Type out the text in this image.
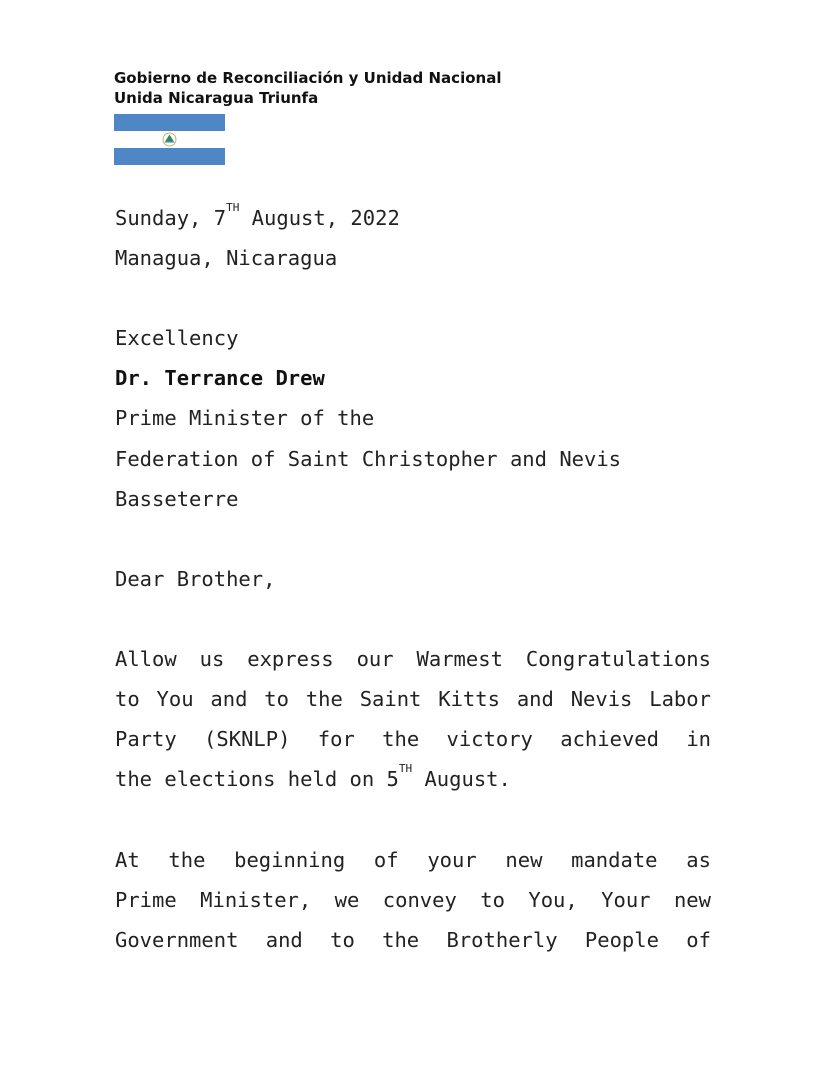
Gobierno de Reconciliación y Unidad Nacional
Unida Nicaragua Triunfa
Sunday, 7TH August, 2022
Managua, Nicaragua
Excellency
Dr. Terrance Drew
Prime Minister of the
Federation of Saint Christopher and Nevis
Basseterre
Dear Brother,
Allow us express our Warmest Congratulations
to You and to the Saint Kitts and Nevis Labor
Party (SKNLP) for the victory achieved in
the elections held on 5TH August.
At the beginning of your new mandate as
Prime Minister, we convey to You, Your new
Government and to the Brotherly People of
